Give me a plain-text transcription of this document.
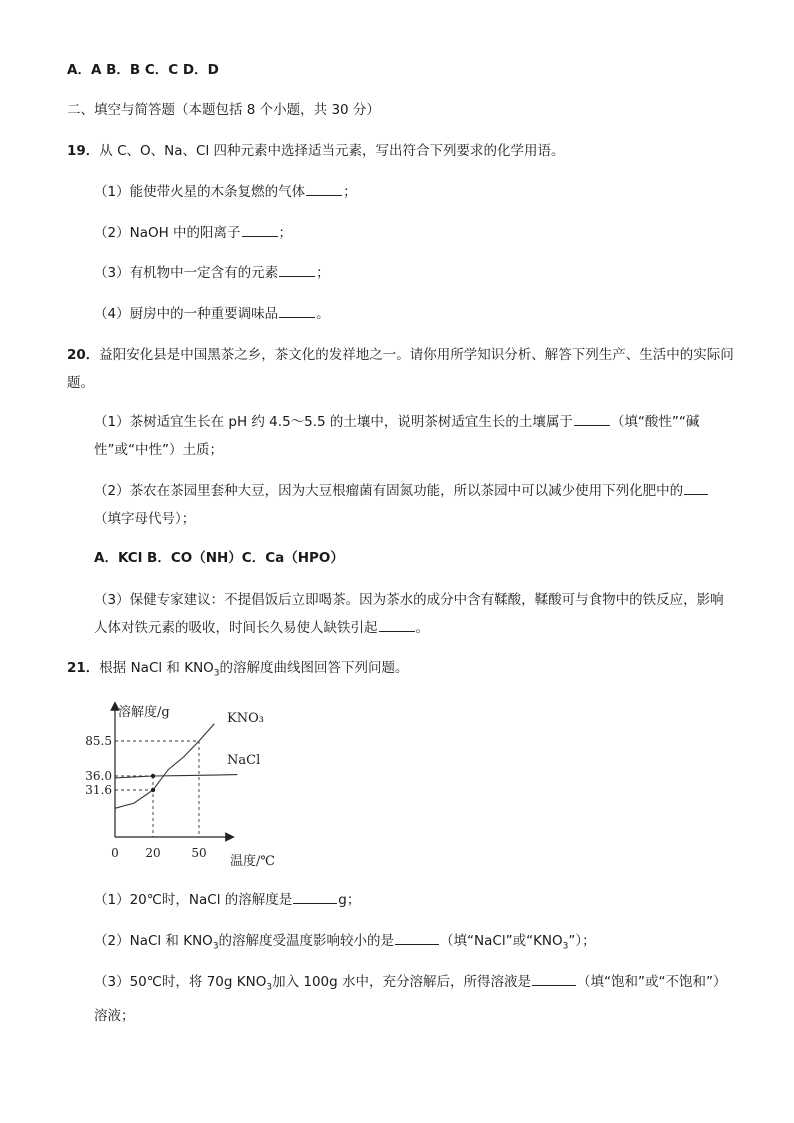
A．A B．B C．C D．D
二、填空与简答题（本题包括 8 个小题，共 30 分）
19．从 C、O、Na、Cl 四种元素中选择适当元素，写出符合下列要求的化学用语。
（1）能使带火星的木条复燃的气体	；
（2）NaOH 中的阳离子	；
（3）有机物中一定含有的元素	；
（4）厨房中的一种重要调味品	。
20．益阳安化县是中国黑茶之乡，茶文化的发祥地之一。请你用所学知识分析、解答下列生产、生活中的实际问题。
（1）茶树适宜生长在 pH 约 4.5～5.5 的土壤中，说明茶树适宜生长的土壤属于	（填“酸性”“碱性”或“中性”）土质；
（2）茶农在茶园里套种大豆，因为大豆根瘤菌有固氮功能，所以茶园中可以减少使用下列化肥中的（填字母代号）；
A．KCl B．CO（NH）C．Ca（HPO）
（3）保健专家建议：不提倡饭后立即喝茶。因为茶水的成分中含有鞣酸，鞣酸可与食物中的铁反应，影响人体对铁元素的吸收，时间长久易使人缺铁引起	。
21．根据 NaCl 和 $KNO_3$的溶解度曲线图回答下列问题。
85.5
36.0
31.6
0 20	50
溶解度/g
温度/℃
KNO₃
NaCl
（1）20℃时，NaCl 的溶解度是	g；
（2）NaCl 和 $KNO_3$的溶解度受温度影响较小的是	（填“NaCl”或“$KNO_3$”）；
（3）50℃时，将 70g $KNO_3$加入 100g 水中，充分溶解后，所得溶液是	（填“饱和”或“不饱和”）溶液；
